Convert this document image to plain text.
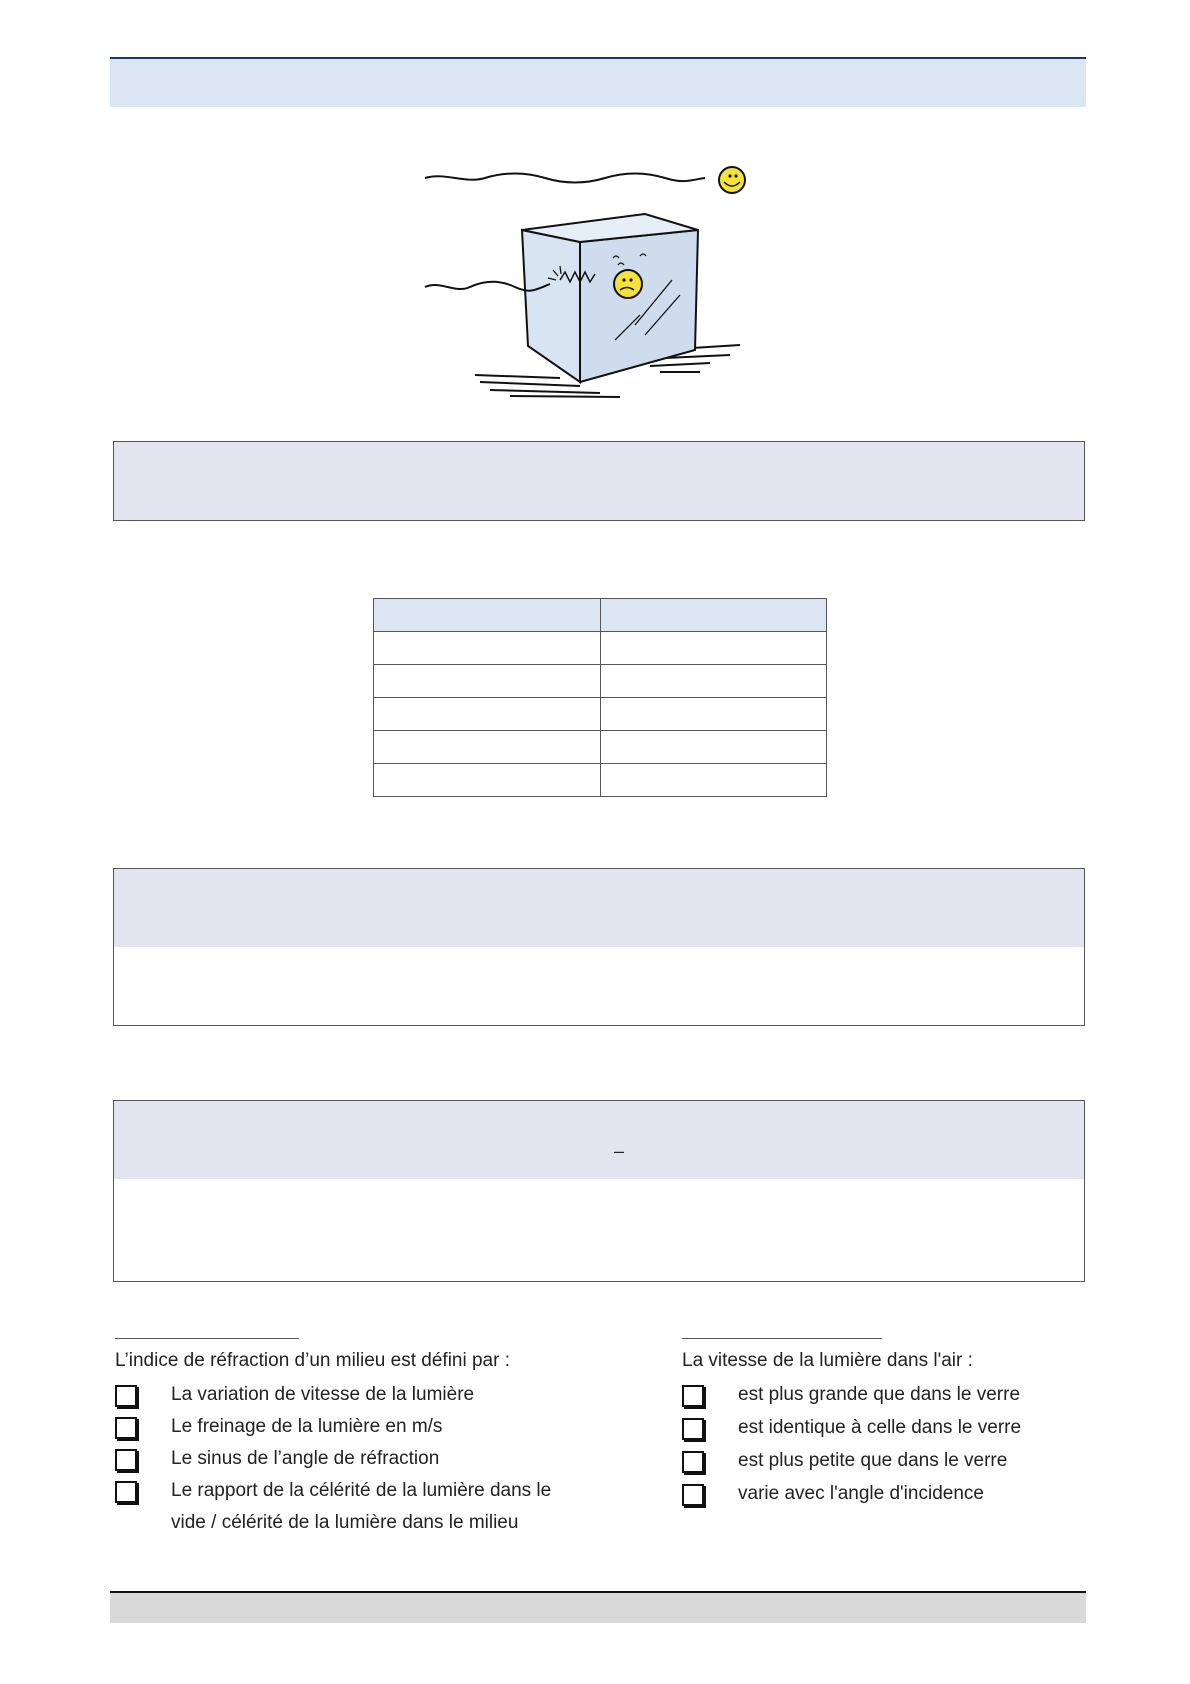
–
L’indice de réfraction d’un milieu est défini par :
La variation de vitesse de la lumière
Le freinage de la lumière en m/s
Le sinus de l’angle de réfraction
Le rapport de la célérité de la lumière dans le vide / célérité de la lumière dans le milieu
La vitesse de la lumière dans l'air :
est plus grande que dans le verre
est identique à celle dans le verre
est plus petite que dans le verre
varie avec l'angle d'incidence
